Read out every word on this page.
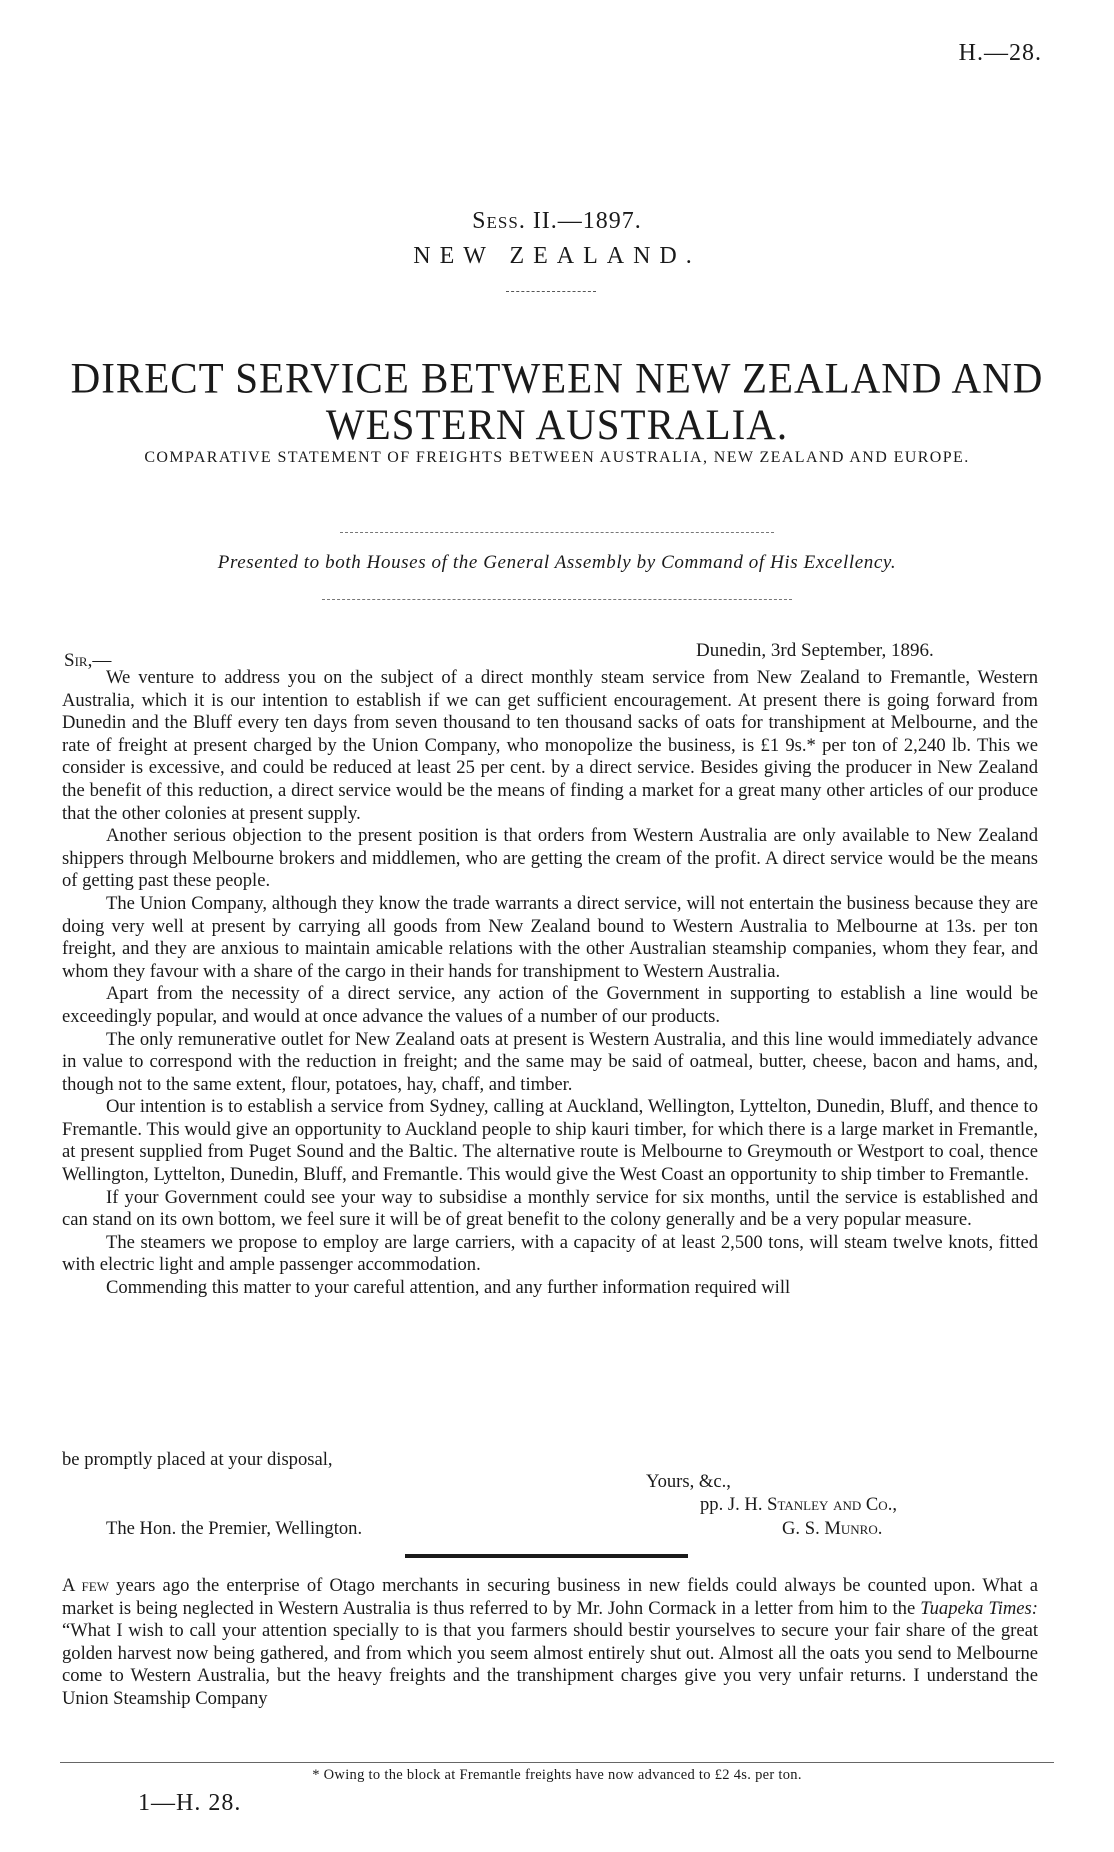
H.—28.
Sess. II.—1897.
NEW ZEALAND.
DIRECT SERVICE BETWEEN NEW ZEALAND AND WESTERN AUSTRALIA.
COMPARATIVE STATEMENT OF FREIGHTS BETWEEN AUSTRALIA, NEW ZEALAND AND EUROPE.
Presented to both Houses of the General Assembly by Command of His Excellency.
Sir,—	Dunedin, 3rd September, 1896.

We venture to address you on the subject of a direct monthly steam service from New Zealand to Fremantle, Western Australia, which it is our intention to establish if we can get sufficient encouragement. At present there is going forward from Dunedin and the Bluff every ten days from seven thousand to ten thousand sacks of oats for transhipment at Melbourne, and the rate of freight at present charged by the Union Company, who monopolize the business, is £1 9s.* per ton of 2,240 lb. This we consider is excessive, and could be reduced at least 25 per cent. by a direct service. Besides giving the producer in New Zealand the benefit of this reduction, a direct service would be the means of finding a market for a great many other articles of our produce that the other colonies at present supply.

Another serious objection to the present position is that orders from Western Australia are only available to New Zealand shippers through Melbourne brokers and middlemen, who are getting the cream of the profit. A direct service would be the means of getting past these people.

The Union Company, although they know the trade warrants a direct service, will not entertain the business because they are doing very well at present by carrying all goods from New Zealand bound to Western Australia to Melbourne at 13s. per ton freight, and they are anxious to maintain amicable relations with the other Australian steamship companies, whom they fear, and whom they favour with a share of the cargo in their hands for transhipment to Western Australia.

Apart from the necessity of a direct service, any action of the Government in supporting to establish a line would be exceedingly popular, and would at once advance the values of a number of our products.

The only remunerative outlet for New Zealand oats at present is Western Australia, and this line would immediately advance in value to correspond with the reduction in freight; and the same may be said of oatmeal, butter, cheese, bacon and hams, and, though not to the same extent, flour, potatoes, hay, chaff, and timber.

Our intention is to establish a service from Sydney, calling at Auckland, Wellington, Lyttelton, Dunedin, Bluff, and thence to Fremantle. This would give an opportunity to Auckland people to ship kauri timber, for which there is a large market in Fremantle, at present supplied from Puget Sound and the Baltic. The alternative route is Melbourne to Greymouth or Westport to coal, thence Wellington, Lyttelton, Dunedin, Bluff, and Fremantle. This would give the West Coast an opportunity to ship timber to Fremantle.

If your Government could see your way to subsidise a monthly service for six months, until the service is established and can stand on its own bottom, we feel sure it will be of great benefit to the colony generally and be a very popular measure.

The steamers we propose to employ are large carriers, with a capacity of at least 2,500 tons, will steam twelve knots, fitted with electric light and ample passenger accommodation.

Commending this matter to your careful attention, and any further information required will

be promptly placed at your disposal,
Yours, &c.,
pp. J. H. Stanley and Co.,
The Hon. the Premier, Wellington.	G. S. Munro.

A few years ago the enterprise of Otago merchants in securing business in new fields could always be counted upon. What a market is being neglected in Western Australia is thus referred to by Mr. John Cormack in a letter from him to the Tuapeka Times: “What I wish to call your attention specially to is that you farmers should bestir yourselves to secure your fair share of the great golden harvest now being gathered, and from which you seem almost entirely shut out. Almost all the oats you send to Melbourne come to Western Australia, but the heavy freights and the transhipment charges give you very unfair returns. I understand the Union Steamship Company

* Owing to the block at Fremantle freights have now advanced to £2 4s. per ton.
1—H. 28.
